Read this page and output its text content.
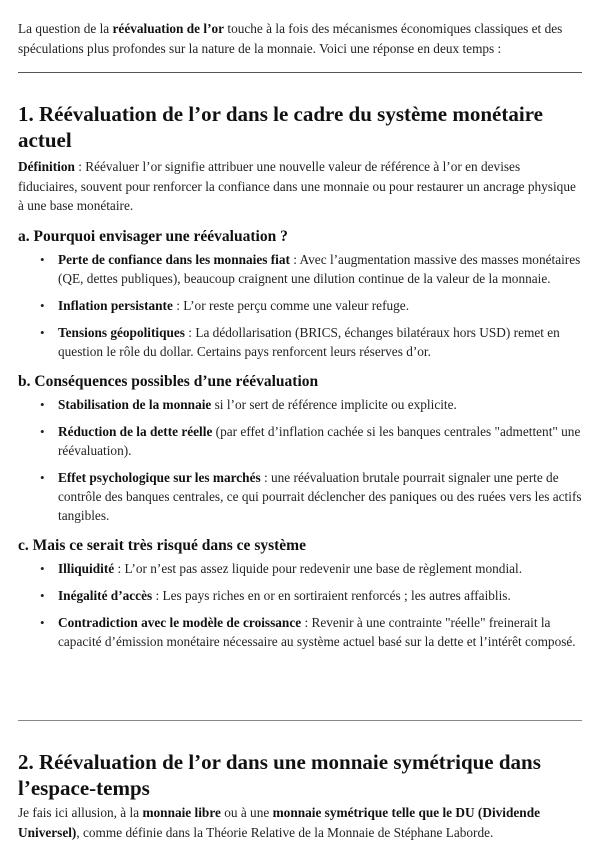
La question de la réévaluation de l’or touche à la fois des mécanismes économiques classiques et des spéculations plus profondes sur la nature de la monnaie. Voici une réponse en deux temps :

1. Réévaluation de l’or dans le cadre du système monétaire actuel

Définition : Réévaluer l’or signifie attribuer une nouvelle valeur de référence à l’or en devises fiduciaires, souvent pour renforcer la confiance dans une monnaie ou pour restaurer un ancrage physique à une base monétaire.

a. Pourquoi envisager une réévaluation ?
• Perte de confiance dans les monnaies fiat : Avec l’augmentation massive des masses monétaires (QE, dettes publiques), beaucoup craignent une dilution continue de la valeur de la monnaie.
• Inflation persistante : L’or reste perçu comme une valeur refuge.
• Tensions géopolitiques : La dédollarisation (BRICS, échanges bilatéraux hors USD) remet en question le rôle du dollar. Certains pays renforcent leurs réserves d’or.
b. Conséquences possibles d’une réévaluation
• Stabilisation de la monnaie si l’or sert de référence implicite ou explicite.
• Réduction de la dette réelle (par effet d’inflation cachée si les banques centrales "admettent" une réévaluation).
• Effet psychologique sur les marchés : une réévaluation brutale pourrait signaler une perte de contrôle des banques centrales, ce qui pourrait déclencher des paniques ou des ruées vers les actifs tangibles.
c. Mais ce serait très risqué dans ce système
• Illiquidité : L’or n’est pas assez liquide pour redevenir une base de règlement mondial.
• Inégalité d’accès : Les pays riches en or en sortiraient renforcés ; les autres affaiblis.
• Contradiction avec le modèle de croissance : Revenir à une contrainte "réelle" freinerait la capacité d’émission monétaire nécessaire au système actuel basé sur la dette et l’intérêt composé.
2. Réévaluation de l’or dans une monnaie symétrique dans l’espace-temps

Je fais ici allusion, à la monnaie libre ou à une monnaie symétrique telle que le DU (Dividende Universel), comme définie dans la Théorie Relative de la Monnaie de Stéphane Laborde.
